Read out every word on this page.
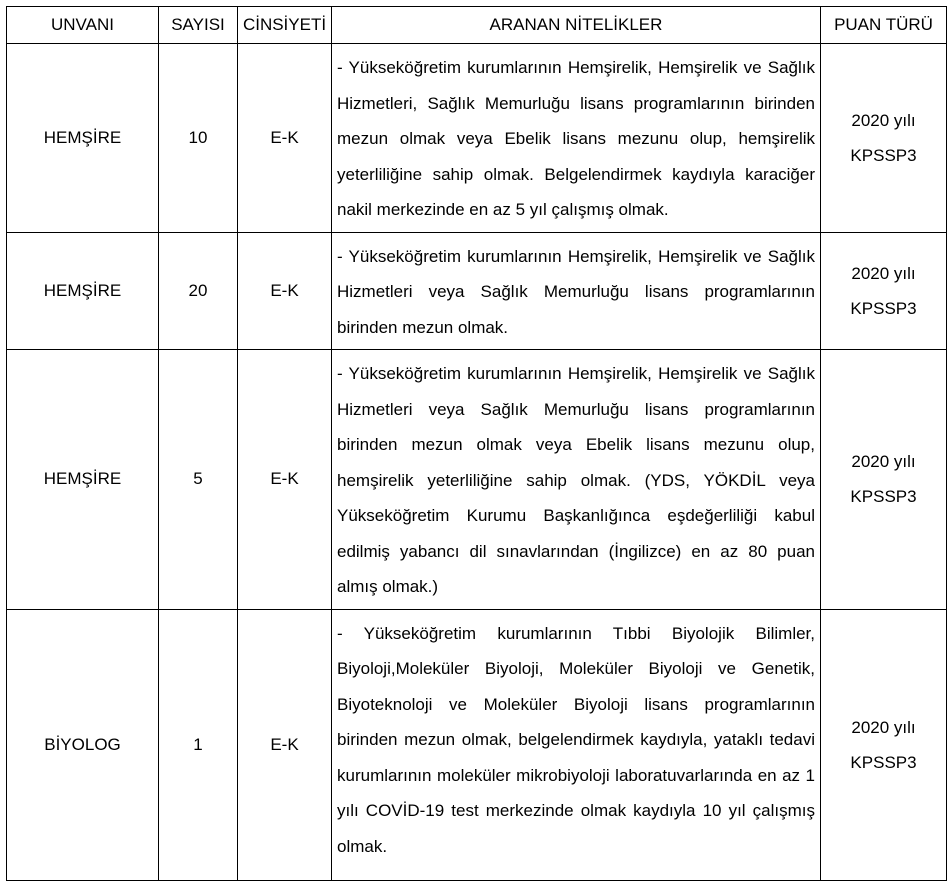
UNVANI	SAYISI	CİNSİYETİ	ARANAN NİTELİKLER	PUAN TÜRÜ
HEMŞİRE	10	E-K	- Yükseköğretim kurumlarının Hemşirelik, Hemşirelik ve Sağlık Hizmetleri, Sağlık Memurluğu lisans programlarının birinden mezun olmak veya Ebelik lisans mezunu olup, hemşirelik yeterliliğine sahip olmak. Belgelendirmek kaydıyla karaciğer nakil merkezinde en az 5 yıl çalışmış olmak.	2020 yılı
KPSSP3
HEMŞİRE	20	E-K	- Yükseköğretim kurumlarının Hemşirelik, Hemşirelik ve Sağlık Hizmetleri veya Sağlık Memurluğu lisans programlarının birinden mezun olmak.	2020 yılı
KPSSP3
HEMŞİRE	5	E-K	- Yükseköğretim kurumlarının Hemşirelik, Hemşirelik ve Sağlık Hizmetleri veya Sağlık Memurluğu lisans programlarının birinden mezun olmak veya Ebelik lisans mezunu olup, hemşirelik yeterliliğine sahip olmak. (YDS, YÖKDİL veya Yükseköğretim Kurumu Başkanlığınca eşdeğerliliği kabul edilmiş yabancı dil sınavlarından (İngilizce) en az 80 puan almış olmak.)	2020 yılı
KPSSP3
BİYOLOG	1	E-K	- Yükseköğretim kurumlarının Tıbbi Biyolojik Bilimler, Biyoloji,Moleküler Biyoloji, Moleküler Biyoloji ve Genetik, Biyoteknoloji ve Moleküler Biyoloji lisans programlarının birinden mezun olmak, belgelendirmek kaydıyla, yataklı tedavi kurumlarının moleküler mikrobiyoloji laboratuvarlarında en az 1 yılı COVİD-19 test merkezinde olmak kaydıyla 10 yıl çalışmış olmak.	2020 yılı
KPSSP3
